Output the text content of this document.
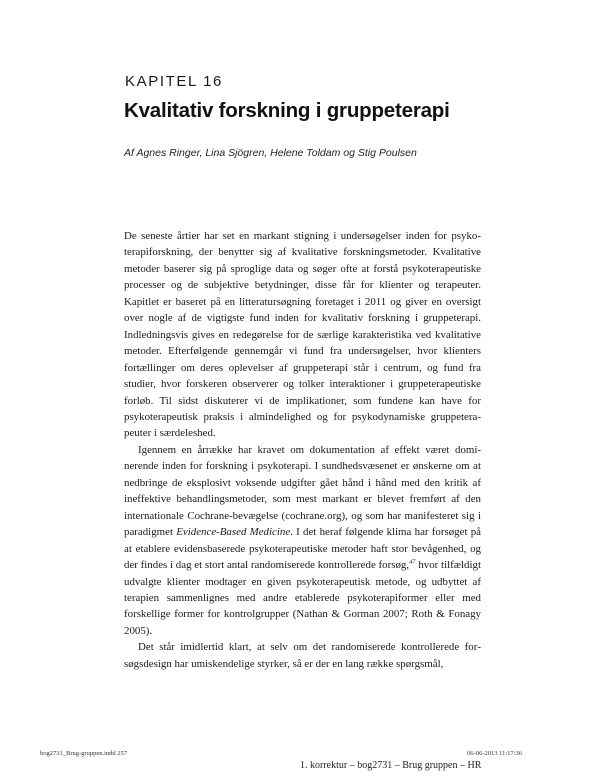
KAPITEL 16
Kvalitativ forskning i gruppeterapi
Af Agnes Ringer, Lina Sjögren, Helene Toldam og Stig Poulsen

De seneste årtier har set en markant stigning i undersøgelser inden for psykoterapiforskning, der benytter sig af kvalitative forskningsmetoder. Kvalitative metoder baserer sig på sproglige data og søger ofte at forstå psykoterapeutiske processer og de subjektive betydninger, disse får for klienter og terapeuter. Kapitlet er baseret på en litteratursøgning foretaget i 2011 og giver en oversigt over nogle af de vigtigste fund inden for kvalitativ forskning i gruppeterapi. Indledningsvis gives en redegørelse for de særlige karakteristika ved kvalitative metoder. Efterfølgende gennemgår vi fund fra undersøgelser, hvor klienters fortællinger om deres oplevelser af gruppeterapi står i centrum, og fund fra studier, hvor forskeren observerer og tolker interaktioner i gruppeterapeutiske forløb. Til sidst diskuterer vi de implikationer, som fundene kan have for psykoterapeutisk praksis i almindelighed og for psykodynamiske gruppeterapeuter i særdeleshed.

Igennem en årrække har kravet om dokumentation af effekt været dominerende inden for forskning i psykoterapi. I sundhedsvæsenet er ønskerne om at nedbringe de eksplosivt voksende udgifter gået hånd i hånd med den kritik af ineffektive behandlingsmetoder, som mest markant er blevet fremført af den internationale Cochrane-bevægelse (cochrane.org), og som har manifesteret sig i paradigmet Evidence-Based Medicine. I det heraf følgende klima har forsøget på at etablere evidensbaserede psykoterapeutiske metoder haft stor bevågenhed, og der findes i dag et stort antal randomiserede kontrollerede forsøg,$^{47}$ hvor tilfældigt udvalgte klienter modtager en given psykoterapeutisk metode, og udbyttet af terapien sammenlignes med andre etablerede psykoterapiformer eller med forskellige former for kontrolgrupper (Nathan & Gorman 2007; Roth & Fonagy 2005).

Det står imidlertid klart, at selv om det randomiserede kontrollerede forsøgsdesign har umiskendelige styrker, så er der en lang række spørgsmål,

bog2731_Brug-gruppen.indd 257	06-06-2013 11:17:36
1. korrektur – bog2731 – Brug gruppen – HR
